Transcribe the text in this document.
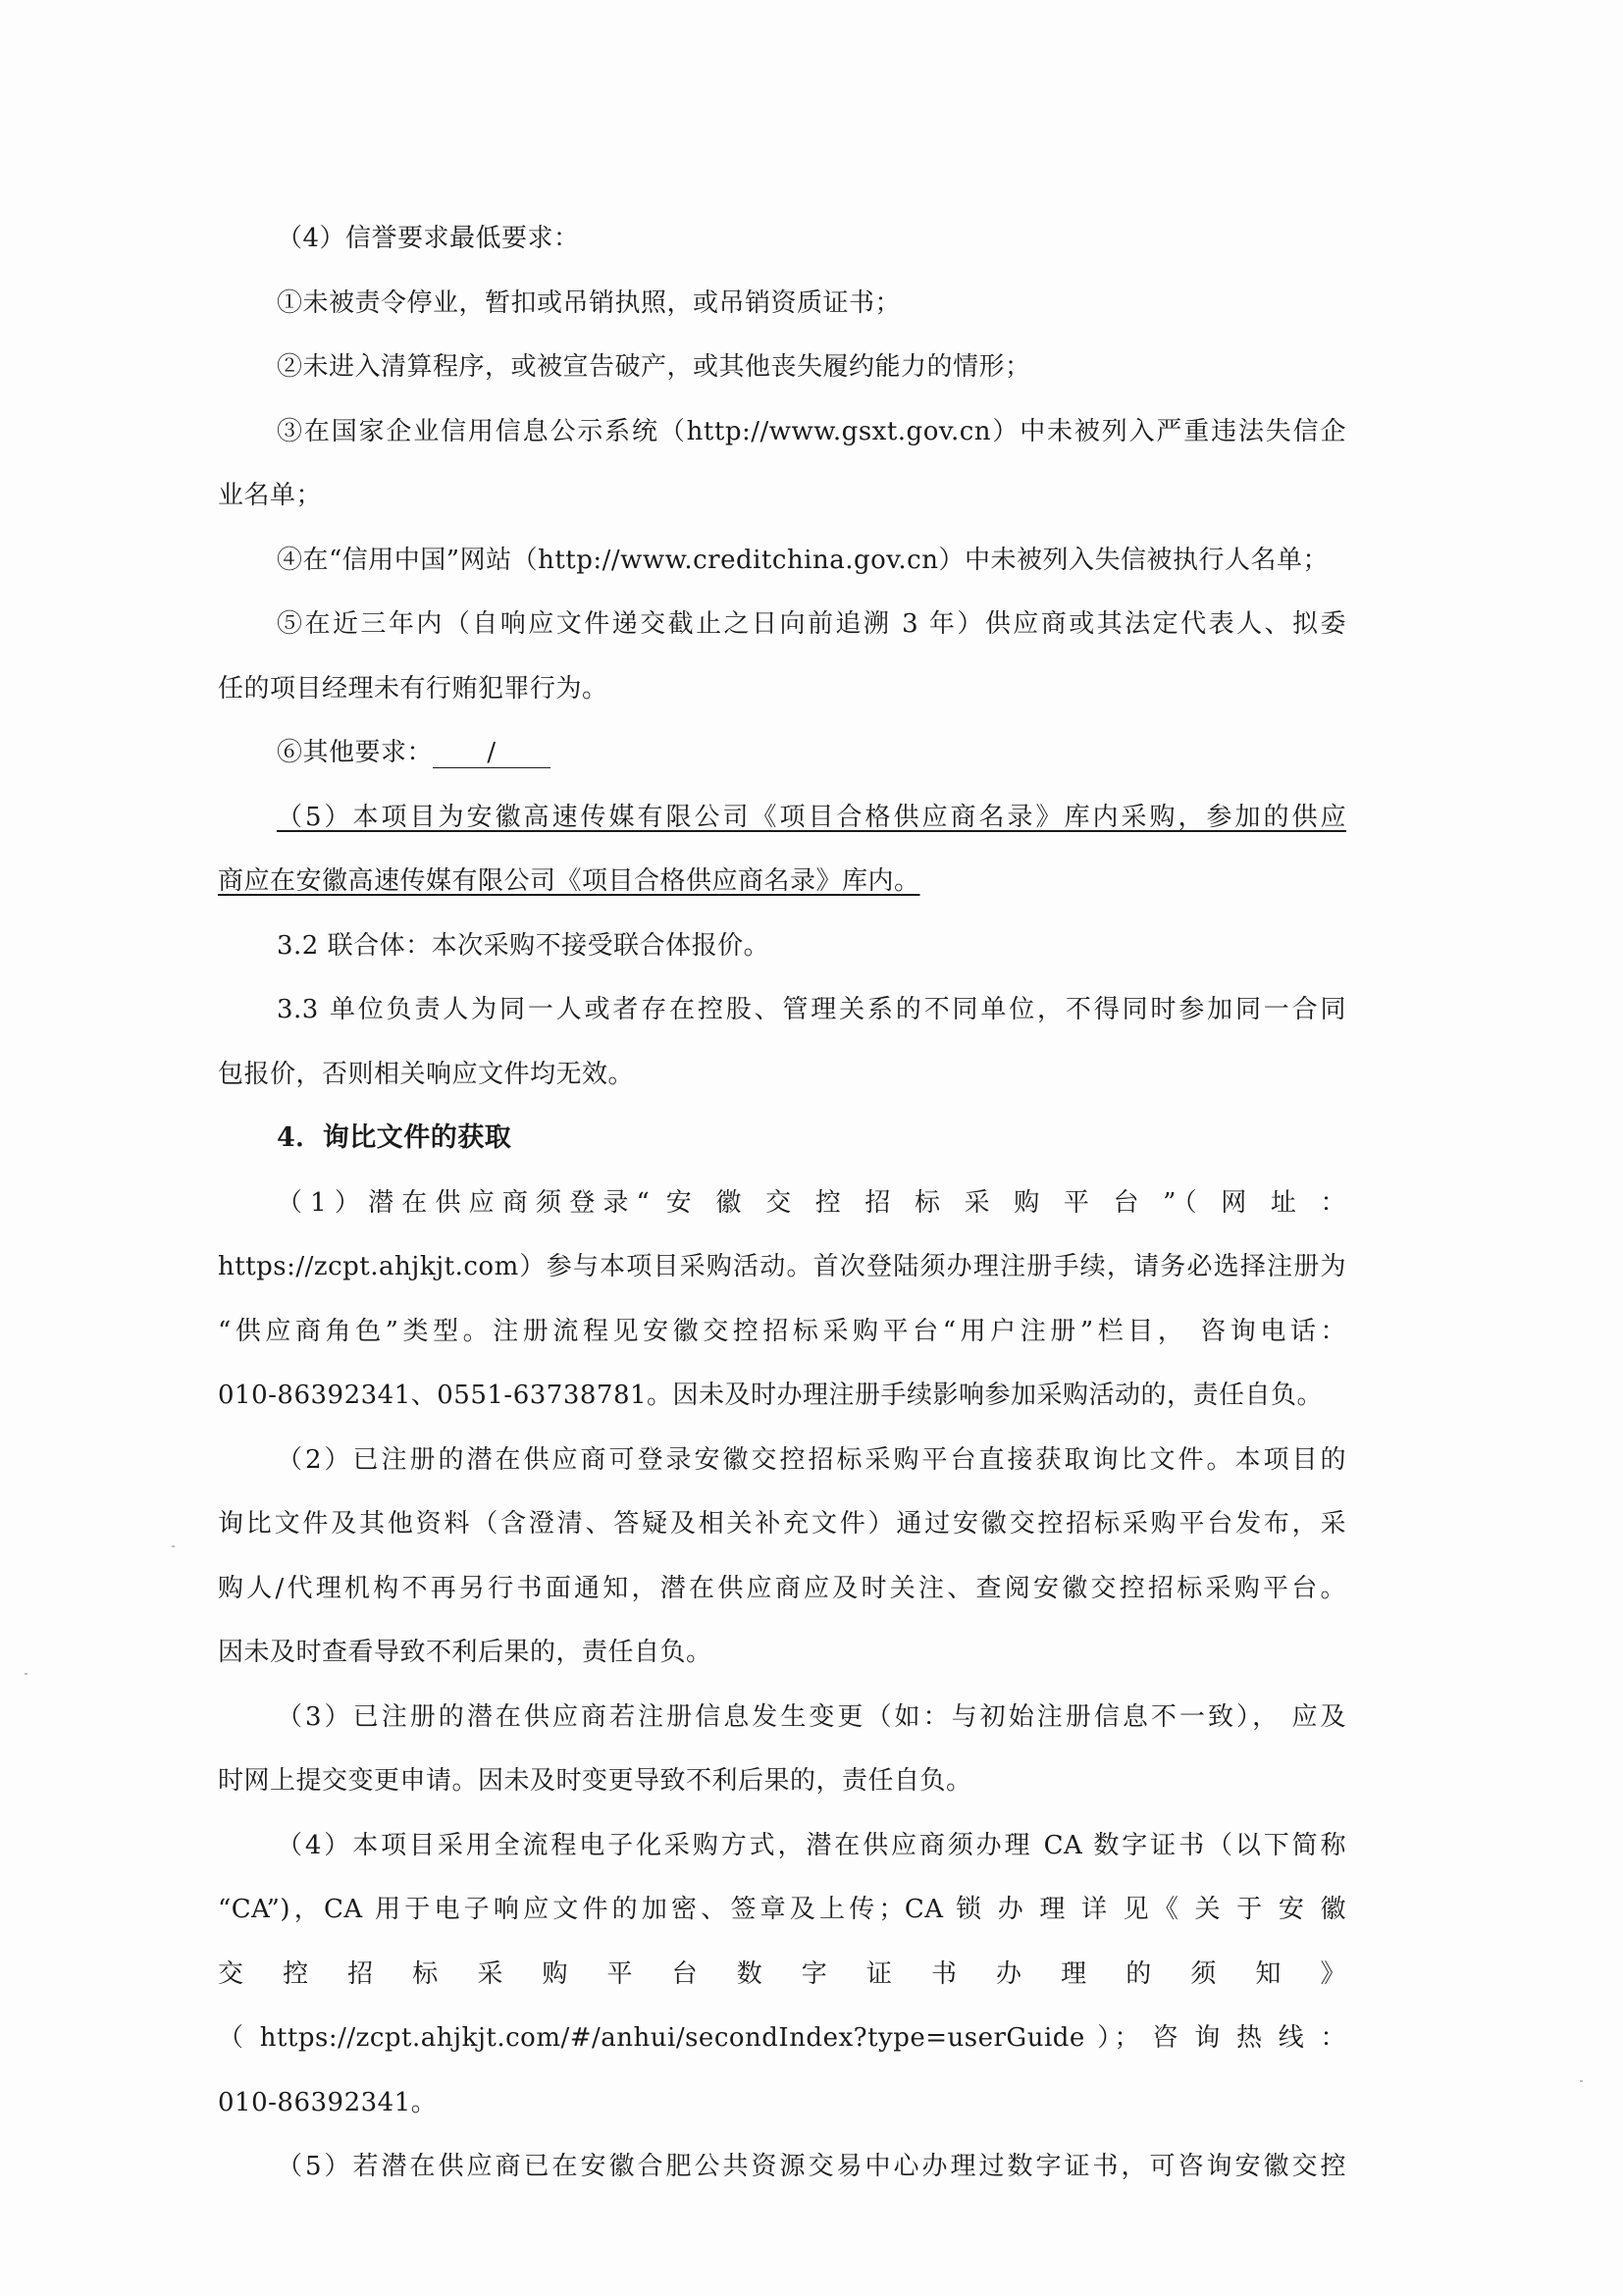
（4）信誉要求最低要求：
①未被责令停业，暂扣或吊销执照，或吊销资质证书；
②未进入清算程序，或被宣告破产，或其他丧失履约能力的情形；
③在国家企业信用信息公示系统（http://www.gsxt.gov.cn）中未被列入严重违法失信企
业名单；
④在“信用中国”网站（http://www.creditchina.gov.cn）中未被列入失信被执行人名单；
⑤在近三年内（自响应文件递交截止之日向前追溯 3 年）供应商或其法定代表人、拟委
任的项目经理未有行贿犯罪行为。
⑥其他要求： /
（5）本项目为安徽高速传媒有限公司《项目合格供应商名录》库内采购，参加的供应
商应在安徽高速传媒有限公司《项目合格供应商名录》库内。
3.2 联合体：本次采购不接受联合体报价。
3.3 单位负责人为同一人或者存在控股、管理关系的不同单位，不得同时参加同一合同
包报价，否则相关响应文件均无效。
4．询比文件的获取
（1）潜在供应商须登录“ 安 徽 交 控 招 标 采 购 平 台 ”（ 网 址 ：
https://zcpt.ahjkjt.com）参与本项目采购活动。首次登陆须办理注册手续，请务必选择注册为
“供应商角色”类型。注册流程见安徽交控招标采购平台“用户注册”栏目， 咨询电话：
010-86392341、0551-63738781。因未及时办理注册手续影响参加采购活动的，责任自负。
（2）已注册的潜在供应商可登录安徽交控招标采购平台直接获取询比文件。本项目的
询比文件及其他资料（含澄清、答疑及相关补充文件）通过安徽交控招标采购平台发布，采
购人/代理机构不再另行书面通知，潜在供应商应及时关注、查阅安徽交控招标采购平台。
因未及时查看导致不利后果的，责任自负。
（3）已注册的潜在供应商若注册信息发生变更（如：与初始注册信息不一致）， 应及
时网上提交变更申请。因未及时变更导致不利后果的，责任自负。
（4）本项目采用全流程电子化采购方式，潜在供应商须办理 CA 数字证书（以下简称
“CA”)，CA 用于电子响应文件的加密、签章及上传；CA 锁 办 理 详 见《 关 于 安 徽
交 控 招 标 采 购 平 台 数 字 证 书 办 理 的 须 知 》
（ https://zcpt.ahjkjt.com/#/anhui/secondIndex?type=userGuide ）； 咨 询 热 线 ：
010-86392341。
（5）若潜在供应商已在安徽合肥公共资源交易中心办理过数字证书，可咨询安徽交控
